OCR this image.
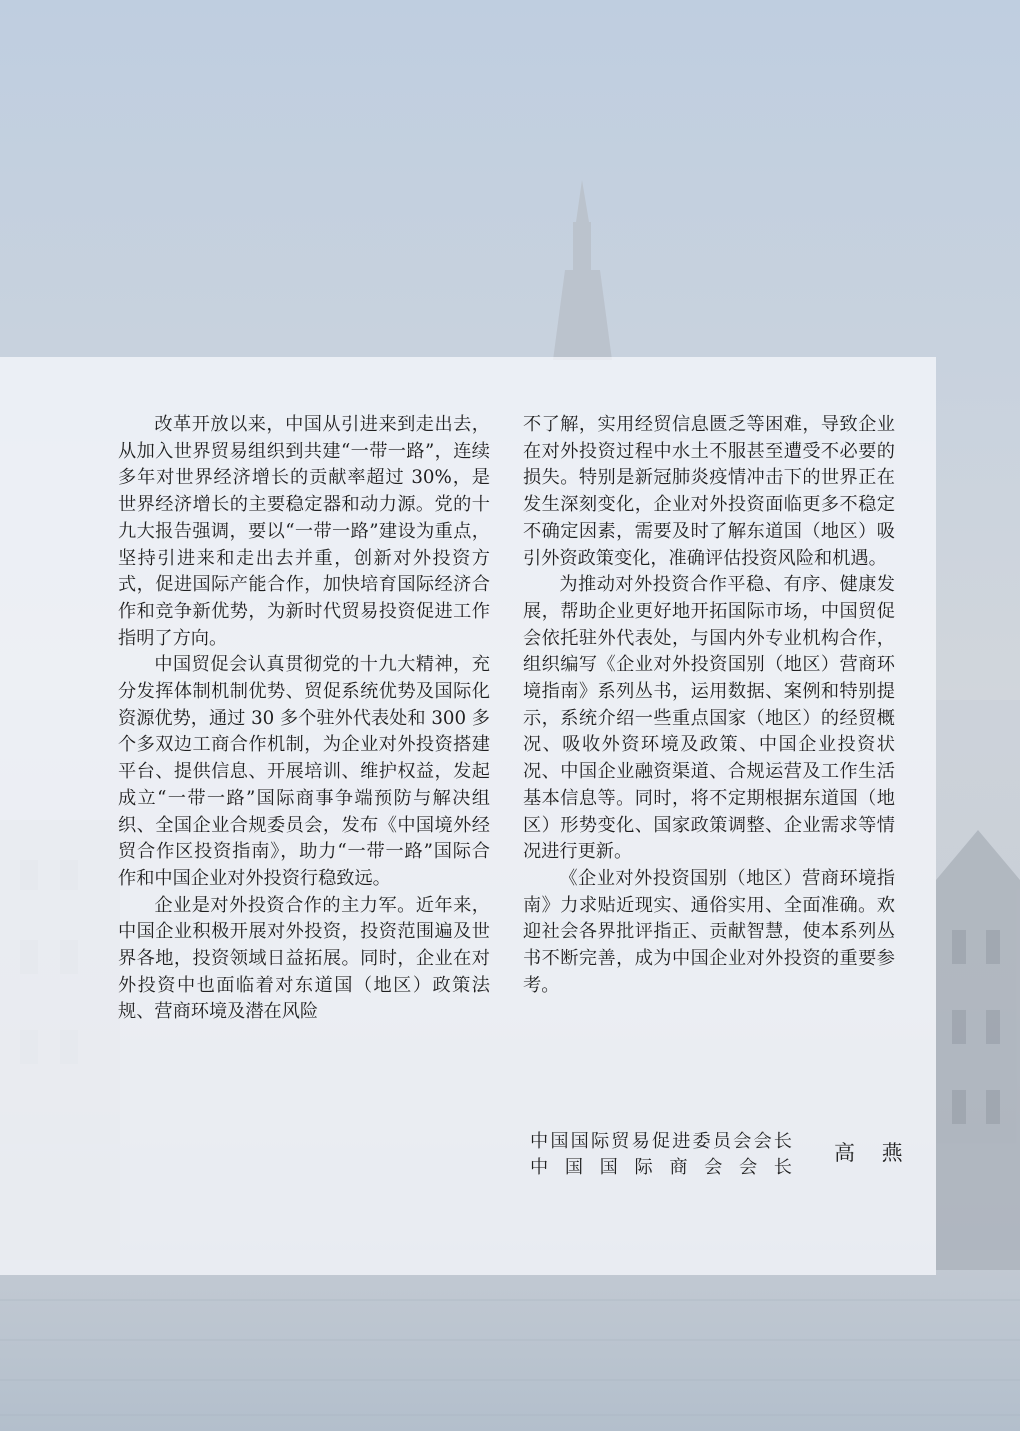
改革开放以来，中国从引进来到走出去，从加入世界贸易组织到共建“一带一路”，连续多年对世界经济增长的贡献率超过 30%，是世界经济增长的主要稳定器和动力源。党的十九大报告强调，要以“一带一路”建设为重点，坚持引进来和走出去并重，创新对外投资方式，促进国际产能合作，加快培育国际经济合作和竞争新优势，为新时代贸易投资促进工作指明了方向。

中国贸促会认真贯彻党的十九大精神，充分发挥体制机制优势、贸促系统优势及国际化资源优势，通过 30 多个驻外代表处和 300 多个多双边工商合作机制，为企业对外投资搭建平台、提供信息、开展培训、维护权益，发起成立“一带一路”国际商事争端预防与解决组织、全国企业合规委员会，发布《中国境外经贸合作区投资指南》，助力“一带一路”国际合作和中国企业对外投资行稳致远。

企业是对外投资合作的主力军。近年来，中国企业积极开展对外投资，投资范围遍及世界各地，投资领域日益拓展。同时，企业在对外投资中也面临着对东道国（地区）政策法规、营商环境及潜在风险

不了解，实用经贸信息匮乏等困难，导致企业在对外投资过程中水土不服甚至遭受不必要的损失。特别是新冠肺炎疫情冲击下的世界正在发生深刻变化，企业对外投资面临更多不稳定不确定因素，需要及时了解东道国（地区）吸引外资政策变化，准确评估投资风险和机遇。

为推动对外投资合作平稳、有序、健康发展，帮助企业更好地开拓国际市场，中国贸促会依托驻外代表处，与国内外专业机构合作，组织编写《企业对外投资国别（地区）营商环境指南》系列丛书，运用数据、案例和特别提示，系统介绍一些重点国家（地区）的经贸概况、吸收外资环境及政策、中国企业投资状况、中国企业融资渠道、合规运营及工作生活基本信息等。同时，将不定期根据东道国（地区）形势变化、国家政策调整、企业需求等情况进行更新。

《企业对外投资国别（地区）营商环境指南》力求贴近现实、通俗实用、全面准确。欢迎社会各界批评指正、贡献智慧，使本系列丛书不断完善，成为中国企业对外投资的重要参考。

中国国际贸易促进委员会会长
中国国际商会会长
高 燕
